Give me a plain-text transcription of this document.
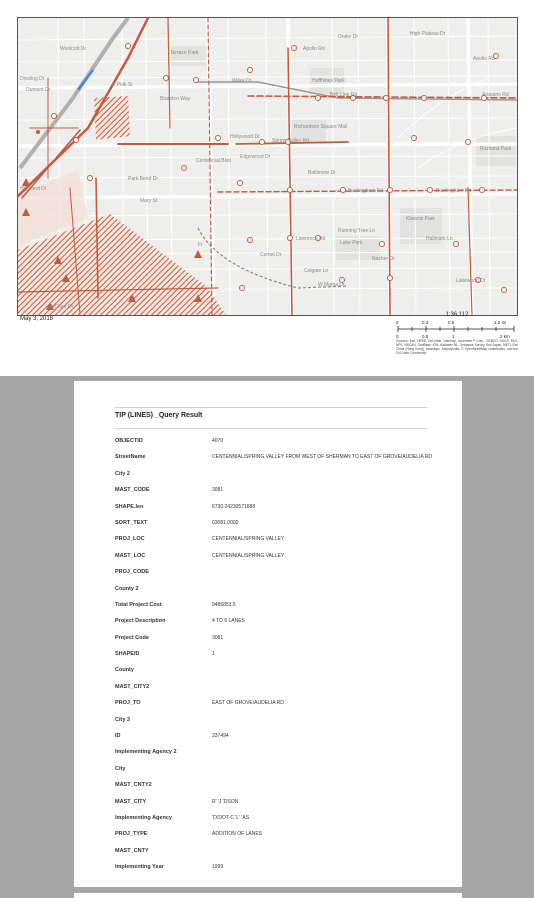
Drake Dr	High Plateau Dr
Apollo Rd
Apollo Rd
Terrace Park
Huffhines Park
Westcott Dr
E Polk St
Dowling Dr
Dumont Dr
Brandon Way
Wake Dr
Belt Line Rd	Arapaho Rd
Richardson Square Mall
Hollywood Dr
Spring Valley Rd
Edgewood Dr
Centennial Blvd
Richland Park
Park Bend Dr
Baltimore Dr
Buckingham Rd	Buckingham Rd
Mary St
Running Tree Ln
Lawrence Rd
Lake Park
Hallmark Ln
Comet Dr
Colgate Ln
Lakewood Dr
W Moma Dr
Nasher Dr
Fr
Highland Dr
Kiwanis Park
McClure Dr
May 3, 2018
1:36,112
0	0.3	0.6	1.2 mi
0	0.5	1	2 km
Sources: Esri, HERE, DeLorme, Intermap, Increment P Corp., GEBCO, USGS, FAO, NPS, NRCAN, GeoBase, IGN, Kadaster NL, Ordnance Survey, Esri Japan, METI, Esri China (Hong Kong), swisstopo, Mapmyindia, © OpenStreetMap contributors, and the GIS User Community
TIP (LINES) _Query Result
OBJECTID	4070
StreetName	CENTENNIAL/SPRING VALLEY FROM WEST OF SHERMAN TO EAST OF GROVE/AUDELIA RD
City 2
MAST_CODE	3081
SHAPE.len	6730.24230571688
SORT_TEXT	03081.0000
PROJ_LOC	CENTENNIAL/SPRING VALLEY
MAST_LOC	CENTENNIAL/SPRING VALLEY
PROJ_CODE
County 2
Total Project Cost	9486853.5
Project Description	4 TO 6 LANES
Project Code	3081
SHAPEID	1
County
MAST_CITY2
PROJ_TO	EAST OF GROVE/AUDELIA RD
City 3
ID	337494
Implementing Agency 2
City
MAST_CNTY2
MAST_CITY	R' 'J 'DSON
Implementing Agency	TXDOT-C 'L' 'AS
PROJ_TYPE	ADDITION OF LANES
MAST_CNTY
Implementing Year	1999
